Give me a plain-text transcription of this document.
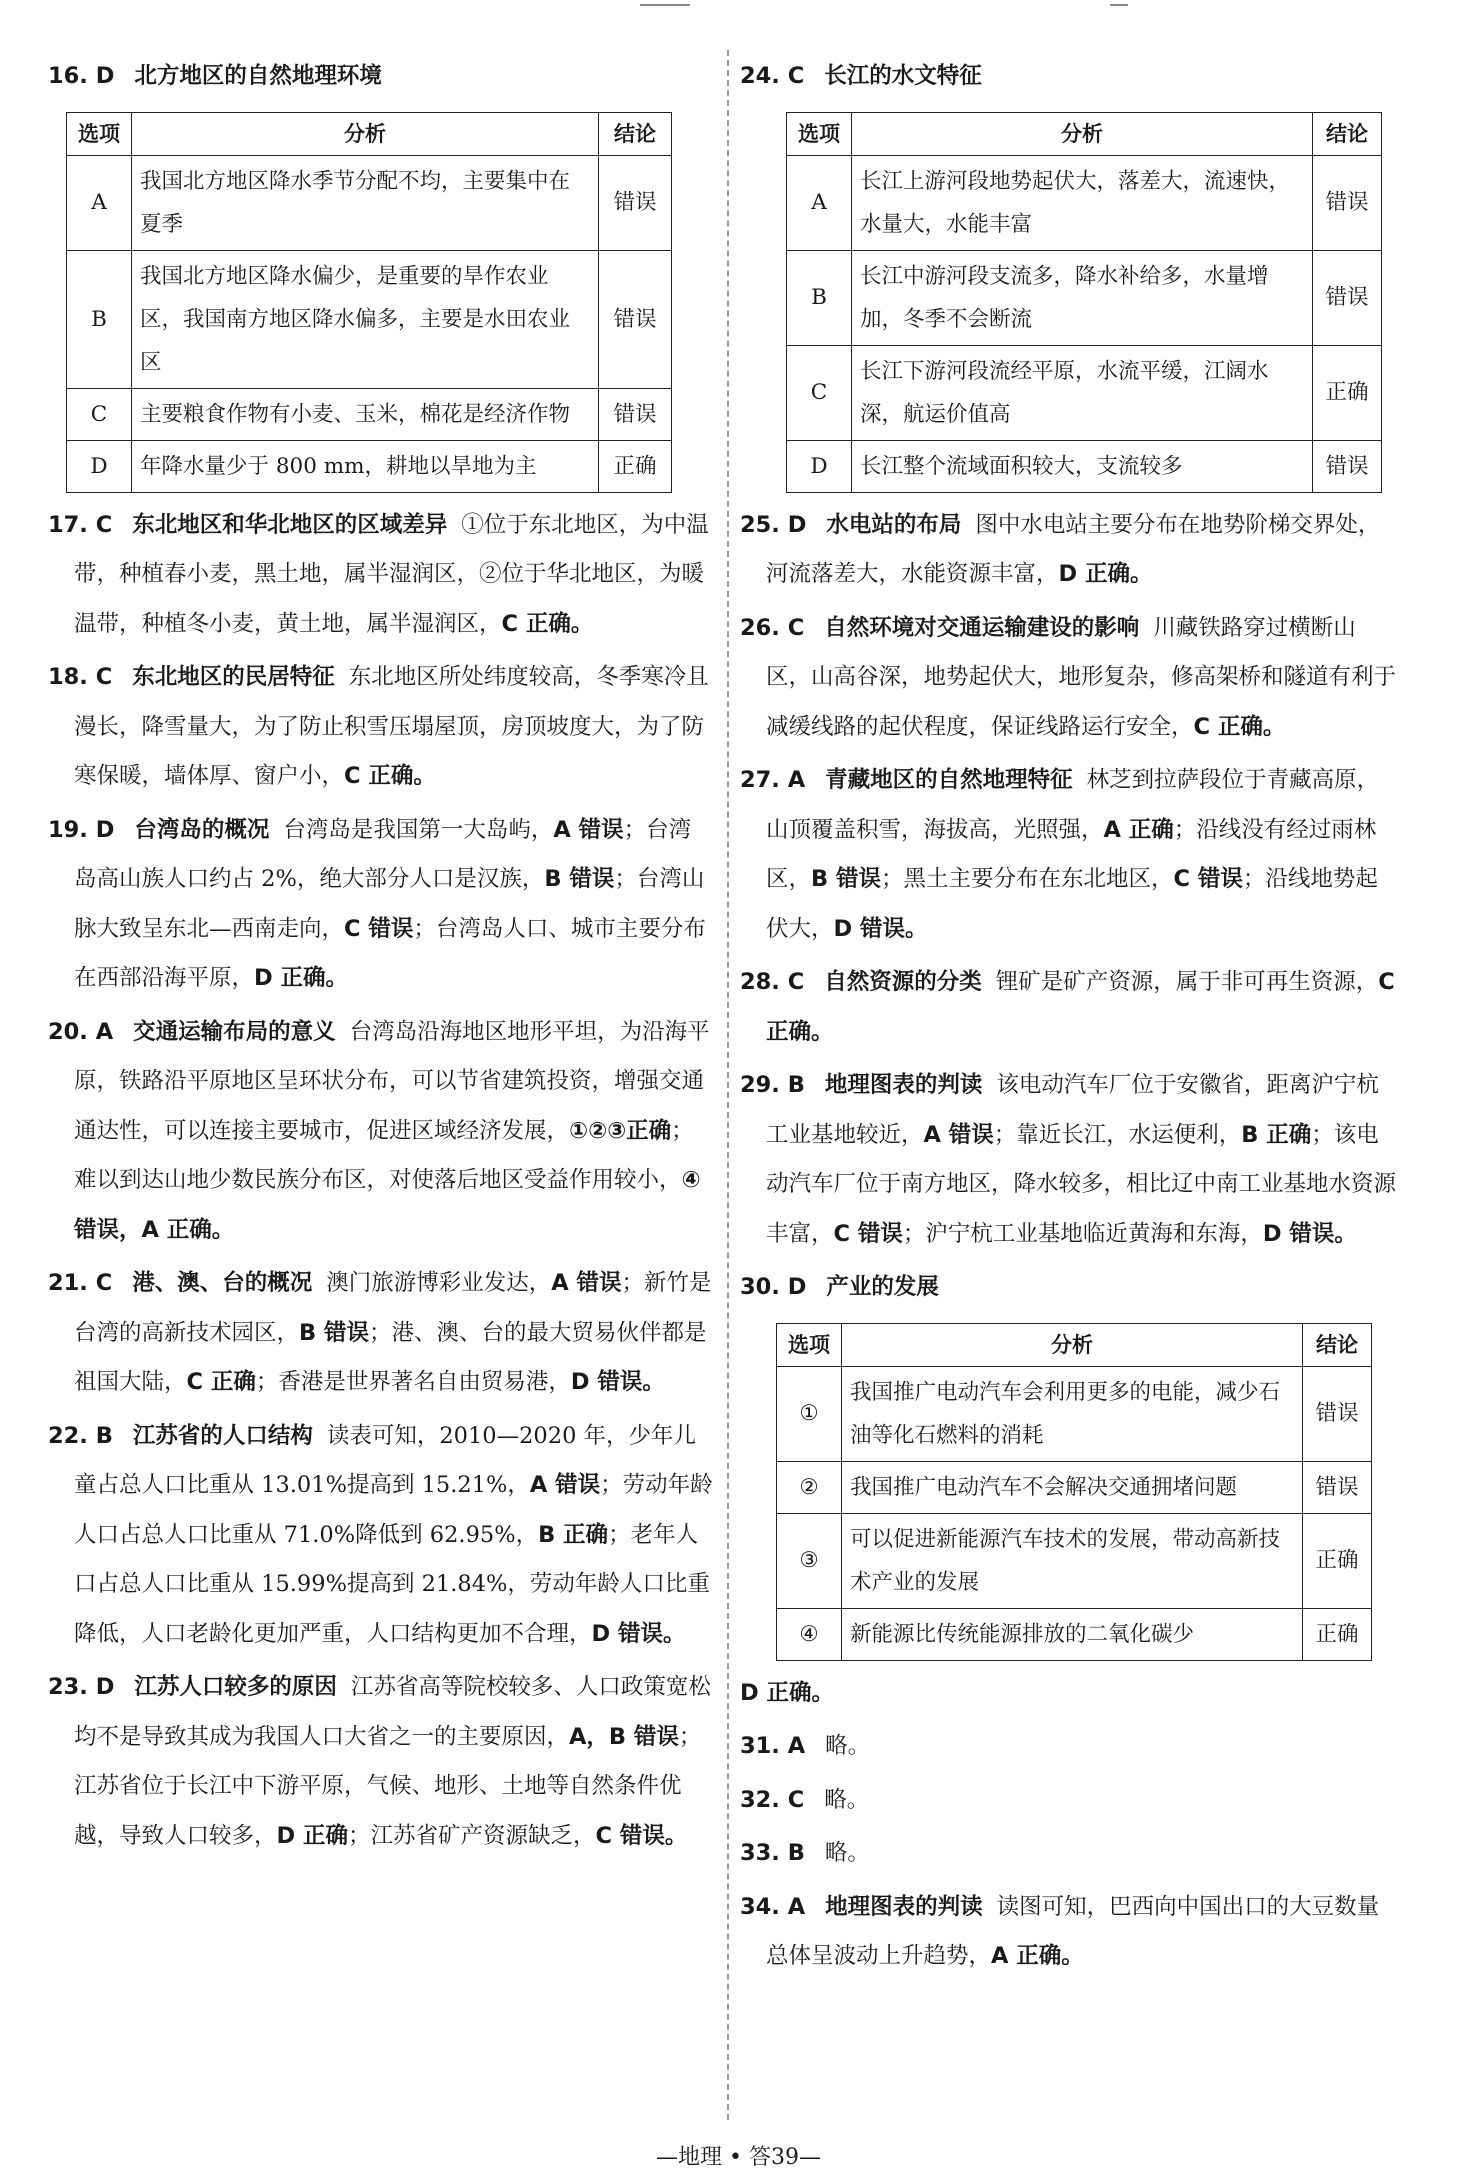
16. D 北方地区的自然地理环境
选项	分析	结论
A	我国北方地区降水季节分配不均，主要集中在夏季	错误
B	我国北方地区降水偏少，是重要的旱作农业区，我国南方地区降水偏多，主要是水田农业区	错误
C	主要粮食作物有小麦、玉米，棉花是经济作物	错误
D	年降水量少于 800 mm，耕地以旱地为主	正确
17. C 东北地区和华北地区的区域差异 ①位于东北地区，为中温带，种植春小麦，黑土地，属半湿润区，②位于华北地区，为暖温带，种植冬小麦，黄土地，属半湿润区，C 正确。
18. C 东北地区的民居特征 东北地区所处纬度较高，冬季寒冷且漫长，降雪量大，为了防止积雪压塌屋顶，房顶坡度大，为了防寒保暖，墙体厚、窗户小，C 正确。
19. D 台湾岛的概况 台湾岛是我国第一大岛屿，A 错误；台湾岛高山族人口约占 2%，绝大部分人口是汉族，B 错误；台湾山脉大致呈东北—西南走向，C 错误；台湾岛人口、城市主要分布在西部沿海平原，D 正确。
20. A 交通运输布局的意义 台湾岛沿海地区地形平坦，为沿海平原，铁路沿平原地区呈环状分布，可以节省建筑投资，增强交通通达性，可以连接主要城市，促进区域经济发展，①②③正确；难以到达山地少数民族分布区，对使落后地区受益作用较小，④错误，A 正确。
21. C 港、澳、台的概况 澳门旅游博彩业发达，A 错误；新竹是台湾的高新技术园区，B 错误；港、澳、台的最大贸易伙伴都是祖国大陆，C 正确；香港是世界著名自由贸易港，D 错误。
22. B 江苏省的人口结构 读表可知，2010—2020 年，少年儿童占总人口比重从 13.01%提高到 15.21%，A 错误；劳动年龄人口占总人口比重从 71.0%降低到 62.95%，B 正确；老年人口占总人口比重从 15.99%提高到 21.84%，劳动年龄人口比重降低，人口老龄化更加严重，人口结构更加不合理，D 错误。
23. D 江苏人口较多的原因 江苏省高等院校较多、人口政策宽松均不是导致其成为我国人口大省之一的主要原因，A，B 错误；江苏省位于长江中下游平原，气候、地形、土地等自然条件优越，导致人口较多，D 正确；江苏省矿产资源缺乏，C 错误。
24. C 长江的水文特征
选项	分析	结论
A	长江上游河段地势起伏大，落差大，流速快，水量大，水能丰富	错误
B	长江中游河段支流多，降水补给多，水量增加，冬季不会断流	错误
C	长江下游河段流经平原，水流平缓，江阔水深，航运价值高	正确
D	长江整个流域面积较大，支流较多	错误
25. D 水电站的布局 图中水电站主要分布在地势阶梯交界处，河流落差大，水能资源丰富，D 正确。
26. C 自然环境对交通运输建设的影响 川藏铁路穿过横断山区，山高谷深，地势起伏大，地形复杂，修高架桥和隧道有利于减缓线路的起伏程度，保证线路运行安全，C 正确。
27. A 青藏地区的自然地理特征 林芝到拉萨段位于青藏高原，山顶覆盖积雪，海拔高，光照强，A 正确；沿线没有经过雨林区，B 错误；黑土主要分布在东北地区，C 错误；沿线地势起伏大，D 错误。
28. C 自然资源的分类 锂矿是矿产资源，属于非可再生资源，C 正确。
29. B 地理图表的判读 该电动汽车厂位于安徽省，距离沪宁杭工业基地较近，A 错误；靠近长江，水运便利，B 正确；该电动汽车厂位于南方地区，降水较多，相比辽中南工业基地水资源丰富，C 错误；沪宁杭工业基地临近黄海和东海，D 错误。
30. D 产业的发展
选项	分析	结论
①	我国推广电动汽车会利用更多的电能，减少石油等化石燃料的消耗	错误
②	我国推广电动汽车不会解决交通拥堵问题	错误
③	可以促进新能源汽车技术的发展，带动高新技术产业的发展	正确
④	新能源比传统能源排放的二氧化碳少	正确
D 正确。
31. A 略。
32. C 略。
33. B 略。
34. A 地理图表的判读 读图可知，巴西向中国出口的大豆数量总体呈波动上升趋势，A 正确。
—地理 • 答39—
